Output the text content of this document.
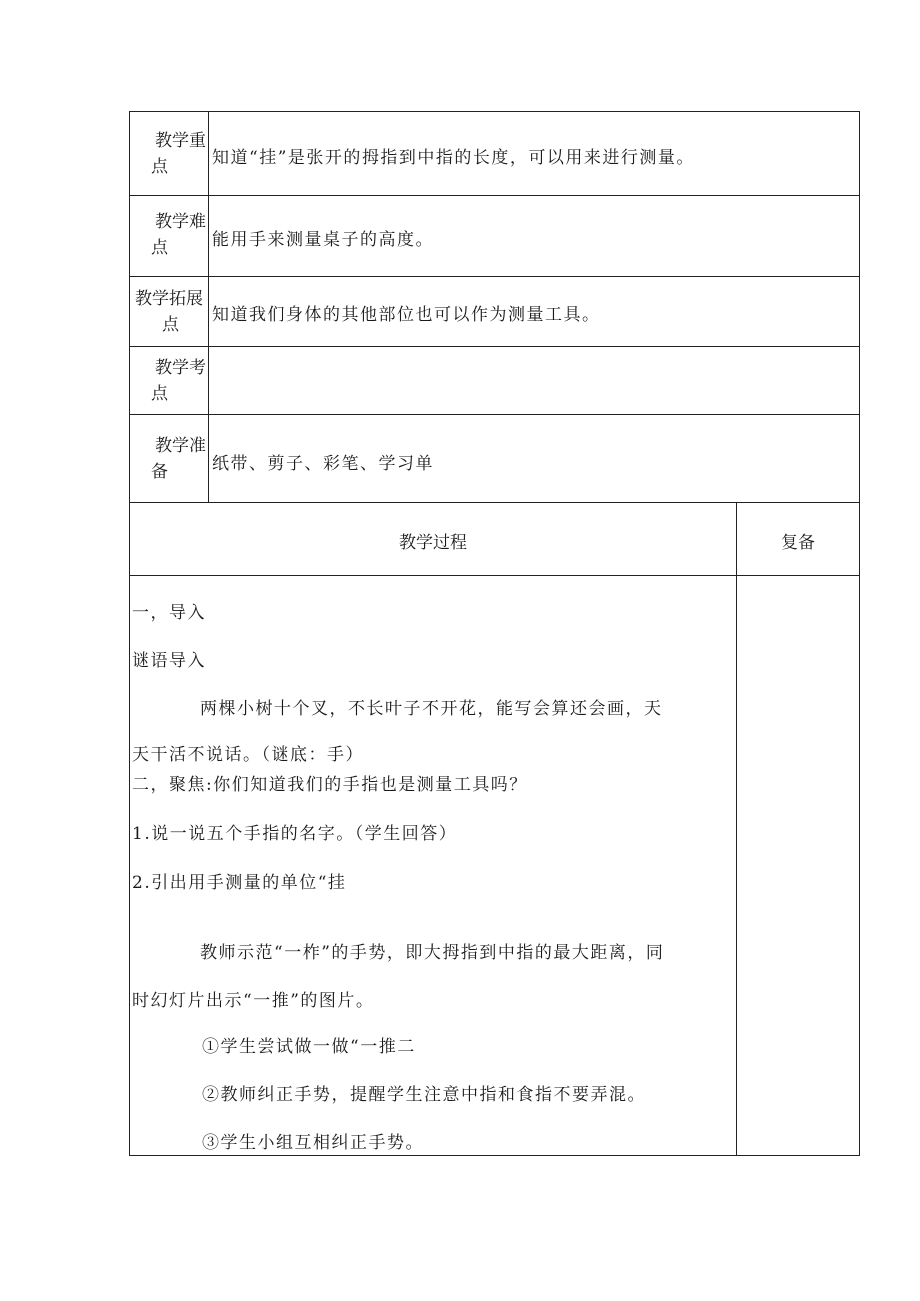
教学重
点	知道“挂”是张开的拇指到中指的长度，可以用来进行测量。
教学难
点	能用手来测量桌子的高度。
教学拓展
点	知道我们身体的其他部位也可以作为测量工具。
教学考
点
教学准
备	纸带、剪子、彩笔、学习单
教学过程	复备
一，导入
谜语导入
两棵小树十个叉，不长叶子不开花，能写会算还会画，天
天干活不说话。（谜底：手）
二，聚焦:你们知道我们的手指也是测量工具吗？
1.说一说五个手指的名字。（学生回答）
2.引出用手测量的单位“挂
教师示范“一柞”的手势，即大拇指到中指的最大距离，同
时幻灯片出示“一推”的图片。
①学生尝试做一做“一推二
②教师纠正手势，提醒学生注意中指和食指不要弄混。
③学生小组互相纠正手势。
